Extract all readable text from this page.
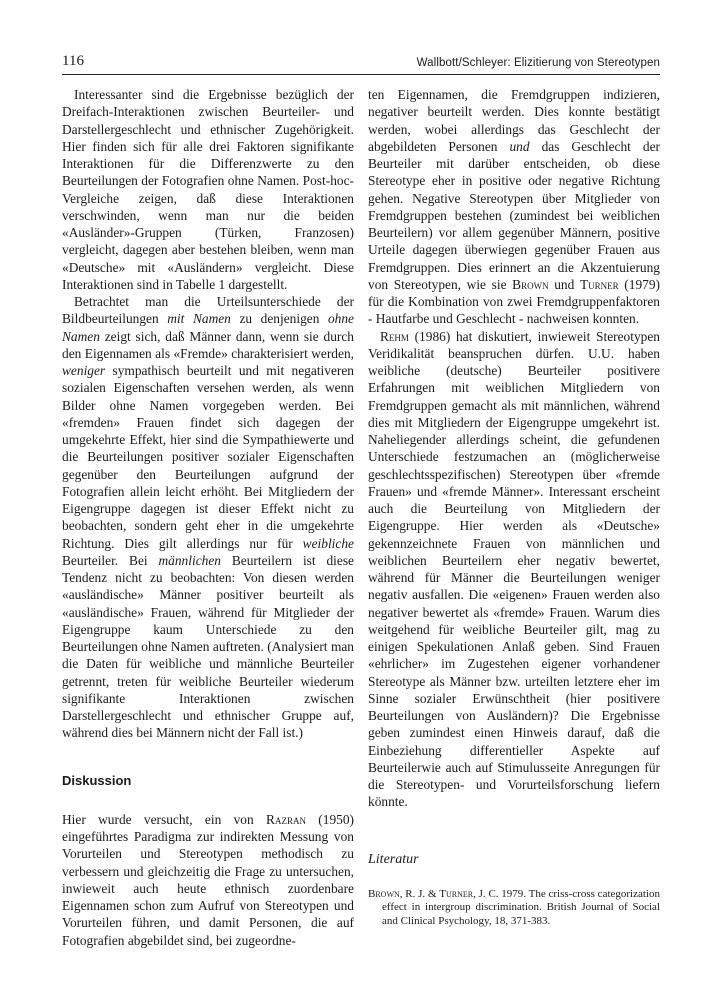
116	Wallbott/Schleyer: Elizitierung von Stereotypen

Interessanter sind die Ergebnisse bezüglich der Dreifach-Interaktionen zwischen Beurteiler- und Darstellergeschlecht und ethnischer Zugehörigkeit. Hier finden sich für alle drei Faktoren signifikante Interaktionen für die Differenzwerte zu den Beurteilungen der Fotografien ohne Namen. Post-hoc-Vergleiche zeigen, daß diese Interaktionen verschwinden, wenn man nur die beiden «Ausländer»-Gruppen (Türken, Franzosen) vergleicht, dagegen aber bestehen bleiben, wenn man «Deutsche» mit «Ausländern» vergleicht. Diese Interaktionen sind in Tabelle 1 dargestellt.

Betrachtet man die Urteilsunterschiede der Bildbeurteilungen mit Namen zu denjenigen ohne Namen zeigt sich, daß Männer dann, wenn sie durch den Eigennamen als «Fremde» charakterisiert werden, weniger sympathisch beurteilt und mit negativeren sozialen Eigenschaften versehen werden, als wenn Bilder ohne Namen vorgegeben werden. Bei «fremden» Frauen findet sich dagegen der umgekehrte Effekt, hier sind die Sympathiewerte und die Beurteilungen positiver sozialer Eigenschaften gegenüber den Beurteilungen aufgrund der Fotografien allein leicht erhöht. Bei Mitgliedern der Eigengruppe dagegen ist dieser Effekt nicht zu beobachten, sondern geht eher in die umgekehrte Richtung. Dies gilt allerdings nur für weibliche Beurteiler. Bei männlichen Beurteilern ist diese Tendenz nicht zu beobachten: Von diesen werden «ausländische» Männer positiver beurteilt als «ausländische» Frauen, während für Mitglieder der Eigengruppe kaum Unterschiede zu den Beurteilungen ohne Namen auftreten. (Analysiert man die Daten für weibliche und männliche Beurteiler getrennt, treten für weibliche Beurteiler wiederum signifikante Interaktionen zwischen Darstellergeschlecht und ethnischer Gruppe auf, während dies bei Männern nicht der Fall ist.)

Diskussion

Hier wurde versucht, ein von Razran (1950) eingeführtes Paradigma zur indirekten Messung von Vorurteilen und Stereotypen methodisch zu verbessern und gleichzeitig die Frage zu untersuchen, inwieweit auch heute ethnisch zuordenbare Eigennamen schon zum Aufruf von Stereotypen und Vorurteilen führen, und damit Personen, die auf Fotografien abgebildet sind, bei zugeordne-

ten Eigennamen, die Fremdgruppen indizieren, negativer beurteilt werden. Dies konnte bestätigt werden, wobei allerdings das Geschlecht der abgebildeten Personen und das Geschlecht der Beurteiler mit darüber entscheiden, ob diese Stereotype eher in positive oder negative Richtung gehen. Negative Stereotypen über Mitglieder von Fremdgruppen bestehen (zumindest bei weiblichen Beurteilern) vor allem gegenüber Männern, positive Urteile dagegen überwiegen gegenüber Frauen aus Fremdgruppen. Dies erinnert an die Akzentuierung von Stereotypen, wie sie Brown und Turner (1979) für die Kombination von zwei Fremdgruppenfaktoren - Hautfarbe und Geschlecht - nachweisen konnten.

Rehm (1986) hat diskutiert, inwieweit Stereotypen Veridikalität beanspruchen dürfen. U.U. haben weibliche (deutsche) Beurteiler positivere Erfahrungen mit weiblichen Mitgliedern von Fremdgruppen gemacht als mit männlichen, während dies mit Mitgliedern der Eigengruppe umgekehrt ist. Naheliegender allerdings scheint, die gefundenen Unterschiede festzumachen an (möglicherweise geschlechtsspezifischen) Stereotypen über «fremde Frauen» und «fremde Männer». Interessant erscheint auch die Beurteilung von Mitgliedern der Eigengruppe. Hier werden als «Deutsche» gekennzeichnete Frauen von männlichen und weiblichen Beurteilern eher negativ bewertet, während für Männer die Beurteilungen weniger negativ ausfallen. Die «eigenen» Frauen werden also negativer bewertet als «fremde» Frauen. Warum dies weitgehend für weibliche Beurteiler gilt, mag zu einigen Spekulationen Anlaß geben. Sind Frauen «ehrlicher» im Zugestehen eigener vorhandener Stereotype als Männer bzw. urteilten letztere eher im Sinne sozialer Erwünschtheit (hier positivere Beurteilungen von Ausländern)? Die Ergebnisse geben zumindest einen Hinweis darauf, daß die Einbeziehung differentieller Aspekte auf Beurteilerwie auch auf Stimulusseite Anregungen für die Stereotypen- und Vorurteilsforschung liefern könnte.

Literatur

Brown, R. J. & Turner, J. C. 1979. The criss-cross categorization effect in intergroup discrimination. British Journal of Social and Clinical Psychology, 18, 371-383.
